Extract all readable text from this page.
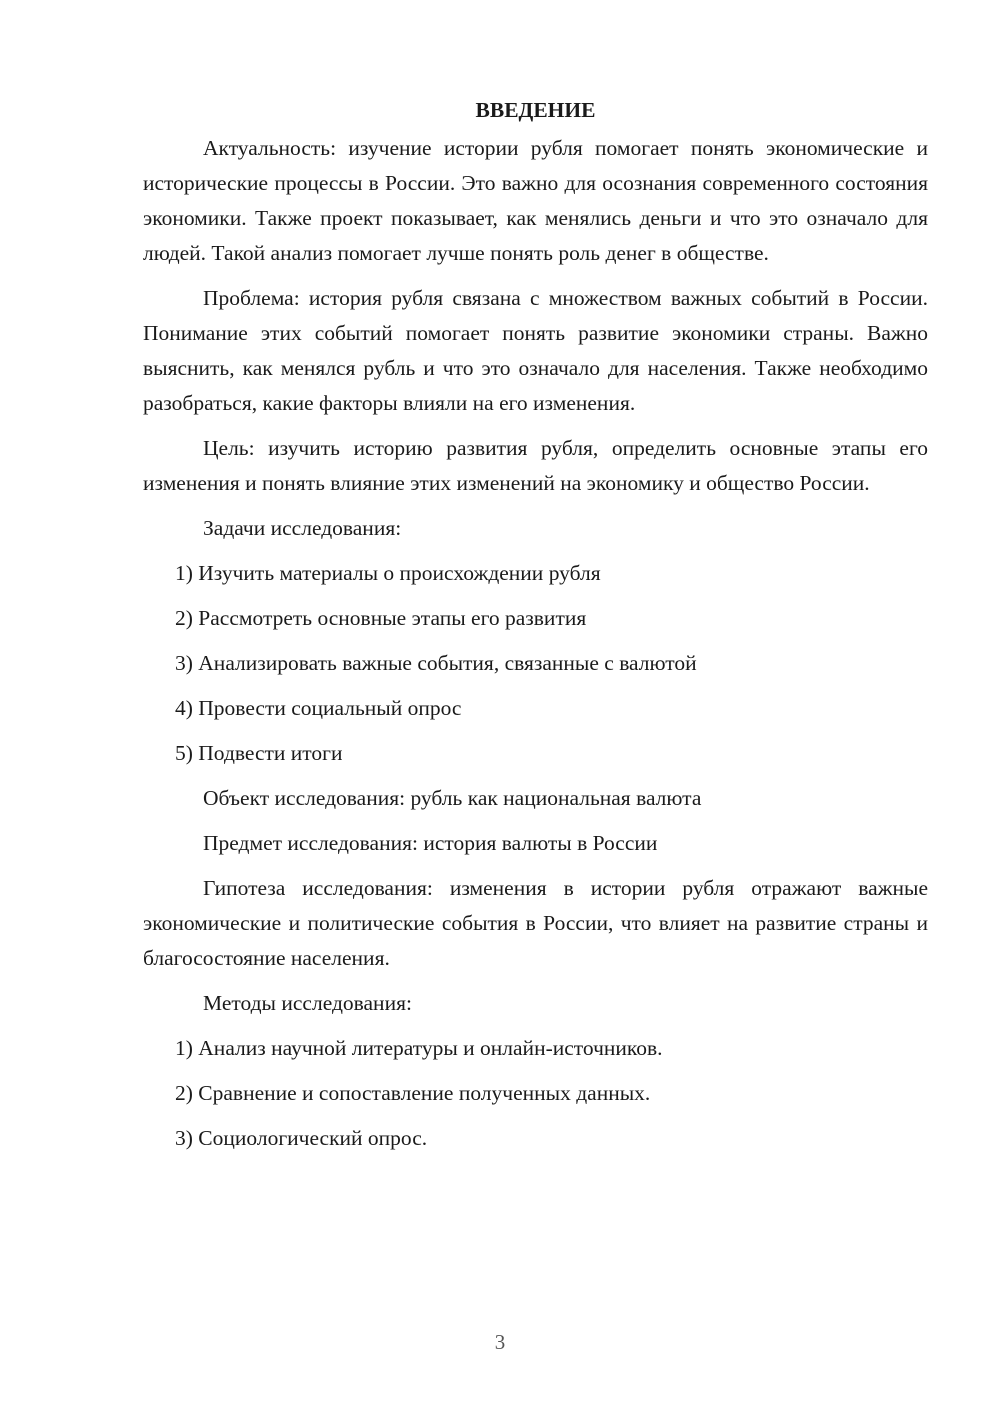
ВВЕДЕНИЕ

Актуальность: изучение истории рубля помогает понять экономические и исторические процессы в России. Это важно для осознания современного состояния экономики. Также проект показывает, как менялись деньги и что это означало для людей. Такой анализ помогает лучше понять роль денег в обществе.

Проблема: история рубля связана с множеством важных событий в России. Понимание этих событий помогает понять развитие экономики страны. Важно выяснить, как менялся рубль и что это означало для населения. Также необходимо разобраться, какие факторы влияли на его изменения.

Цель: изучить историю развития рубля, определить основные этапы его изменения и понять влияние этих изменений на экономику и общество России.

Задачи исследования:

1) Изучить материалы о происхождении рубля

2) Рассмотреть основные этапы его развития

3) Анализировать важные события, связанные с валютой

4) Провести социальный опрос

5) Подвести итоги

Объект исследования: рубль как национальная валюта

Предмет исследования: история валюты в России

Гипотеза исследования: изменения в истории рубля отражают важные экономические и политические события в России, что влияет на развитие страны и благосостояние населения.

Методы исследования:

1) Анализ научной литературы и онлайн-источников.

2) Сравнение и сопоставление полученных данных.

3) Социологический опрос.

3
